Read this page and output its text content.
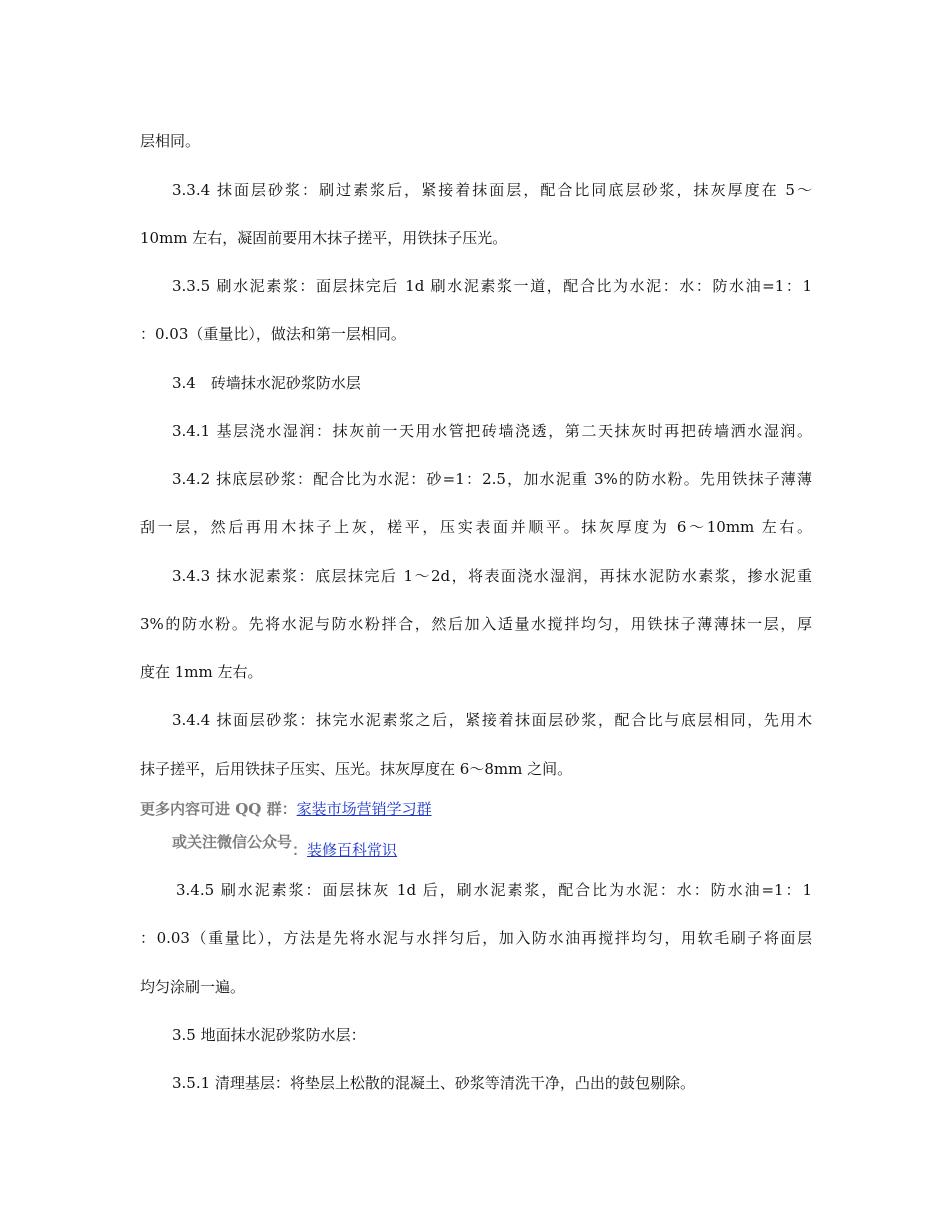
层相同。
3.3.4 抹面层砂浆：刷过素浆后，紧接着抹面层，配合比同底层砂浆，抹灰厚度在 5～
10mm 左右，凝固前要用木抹子搓平，用铁抹子压光。
3.3.5 刷水泥素浆：面层抹完后 1d 刷水泥素浆一道，配合比为水泥：水：防水油=1：1
：0.03（重量比），做法和第一层相同。
3.4　砖墙抹水泥砂浆防水层
3.4.1 基层浇水湿润：抹灰前一天用水管把砖墙浇透，第二天抹灰时再把砖墙洒水湿润。
3.4.2 抹底层砂浆：配合比为水泥：砂=1：2.5，加水泥重 3%的防水粉。先用铁抹子薄薄
刮一层，然后再用木抹子上灰，槎平，压实表面并顺平。抹灰厚度为 6～10mm 左右。
3.4.3 抹水泥素浆：底层抹完后 1～2d，将表面浇水湿润，再抹水泥防水素浆，掺水泥重
3%的防水粉。先将水泥与防水粉拌合，然后加入适量水搅拌均匀，用铁抹子薄薄抹一层，厚
度在 1mm 左右。
3.4.4 抹面层砂浆：抹完水泥素浆之后，紧接着抹面层砂浆，配合比与底层相同，先用木
抹子搓平，后用铁抹子压实、压光。抹灰厚度在 6～8mm 之间。
更多内容可进 QQ 群：家装市场营销学习群
或关注微信公众号：装修百科常识
3.4.5 刷水泥素浆：面层抹灰 1d 后，刷水泥素浆，配合比为水泥：水：防水油=1：1
：0.03（重量比），方法是先将水泥与水拌匀后，加入防水油再搅拌均匀，用软毛刷子将面层
均匀涂刷一遍。
3.5 地面抹水泥砂浆防水层：
3.5.1 清理基层：将垫层上松散的混凝土、砂浆等清洗干净，凸出的鼓包剔除。
